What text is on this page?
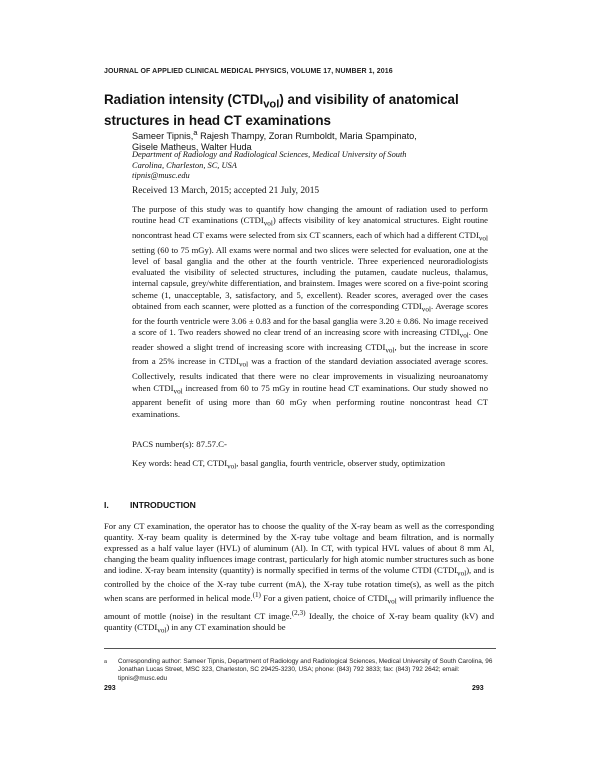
JOURNAL OF APPLIED CLINICAL MEDICAL PHYSICS, VOLUME 17, NUMBER 1, 2016
Radiation intensity $(CTDI_{vol})$ and visibility of anatomical structures in head CT examinations
Sameer Tipnis,$^a$ Rajesh Thampy, Zoran Rumboldt, Maria Spampinato,
Gisele Matheus, Walter Huda
Department of Radiology and Radiological Sciences, Medical University of South
Carolina, Charleston, SC, USA
tipnis@musc.edu
Received 13 March, 2015; accepted 21 July, 2015

The purpose of this study was to quantify how changing the amount of radiation used to perform routine head CT examinations $(CTDI_{vol})$ affects visibility of key anatomical structures. Eight routine noncontrast head CT exams were selected from six CT scanners, each of which had a different $CTDI_{vol}$ setting (60 to 75 mGy). All exams were normal and two slices were selected for evaluation, one at the level of basal ganglia and the other at the fourth ventricle. Three experienced neuroradiologists evaluated the visibility of selected structures, including the putamen, caudate nucleus, thalamus, internal capsule, grey/white differentiation, and brainstem. Images were scored on a five-point scoring scheme (1, unacceptable, 3, satisfactory, and 5, excellent). Reader scores, averaged over the cases obtained from each scanner, were plotted as a function of the corresponding $CTDI_{vol}$. Average scores for the fourth ventricle were 3.06 ± 0.83 and for the basal ganglia were 3.20 ± 0.86. No image received a score of 1. Two readers showed no clear trend of an increasing score with increasing $CTDI_{vol}$. One reader showed a slight trend of increasing score with increasing $CTDI_{vol}$, but the increase in score from a 25% increase in $CTDI_{vol}$ was a fraction of the standard deviation associated average scores. Collectively, results indicated that there were no clear improvements in visualizing neuroanatomy when $CTDI_{vol}$ increased from 60 to 75 mGy in routine head CT examinations. Our study showed no apparent benefit of using more than 60 mGy when performing routine noncontrast head CT examinations.

PACS number(s): 87.57.C-
Key words: head CT, $CTDI_{vol}$, basal ganglia, fourth ventricle, observer study, optimization
I. INTRODUCTION

For any CT examination, the operator has to choose the quality of the X-ray beam as well as the corresponding quantity. X-ray beam quality is determined by the X-ray tube voltage and beam filtration, and is normally expressed as a half value layer (HVL) of aluminum (Al). In CT, with typical HVL values of about 8 mm Al, changing the beam quality influences image contrast, particularly for high atomic number structures such as bone and iodine. X-ray beam intensity (quantity) is normally specified in terms of the volume CTDI $(CTDI_{vol})$, and is controlled by the choice of the X-ray tube current (mA), the X-ray tube rotation time(s), as well as the pitch when scans are performed in helical mode.$^{(1)}$ For a given patient, choice of $CTDI_{vol}$ will primarily influence the amount of mottle (noise) in the resultant CT image.$^{(2,3)}$ Ideally, the choice of X-ray beam quality (kV) and quantity $(CTDI_{vol})$ in any CT examination should be

a	Corresponding author: Sameer Tipnis, Department of Radiology and Radiological Sciences, Medical University of South Carolina, 96 Jonathan Lucas Street, MSC 323, Charleston, SC 29425-3230, USA; phone: (843) 792 3833; fax: (843) 792 2642; email: tipnis@musc.edu
293	293
